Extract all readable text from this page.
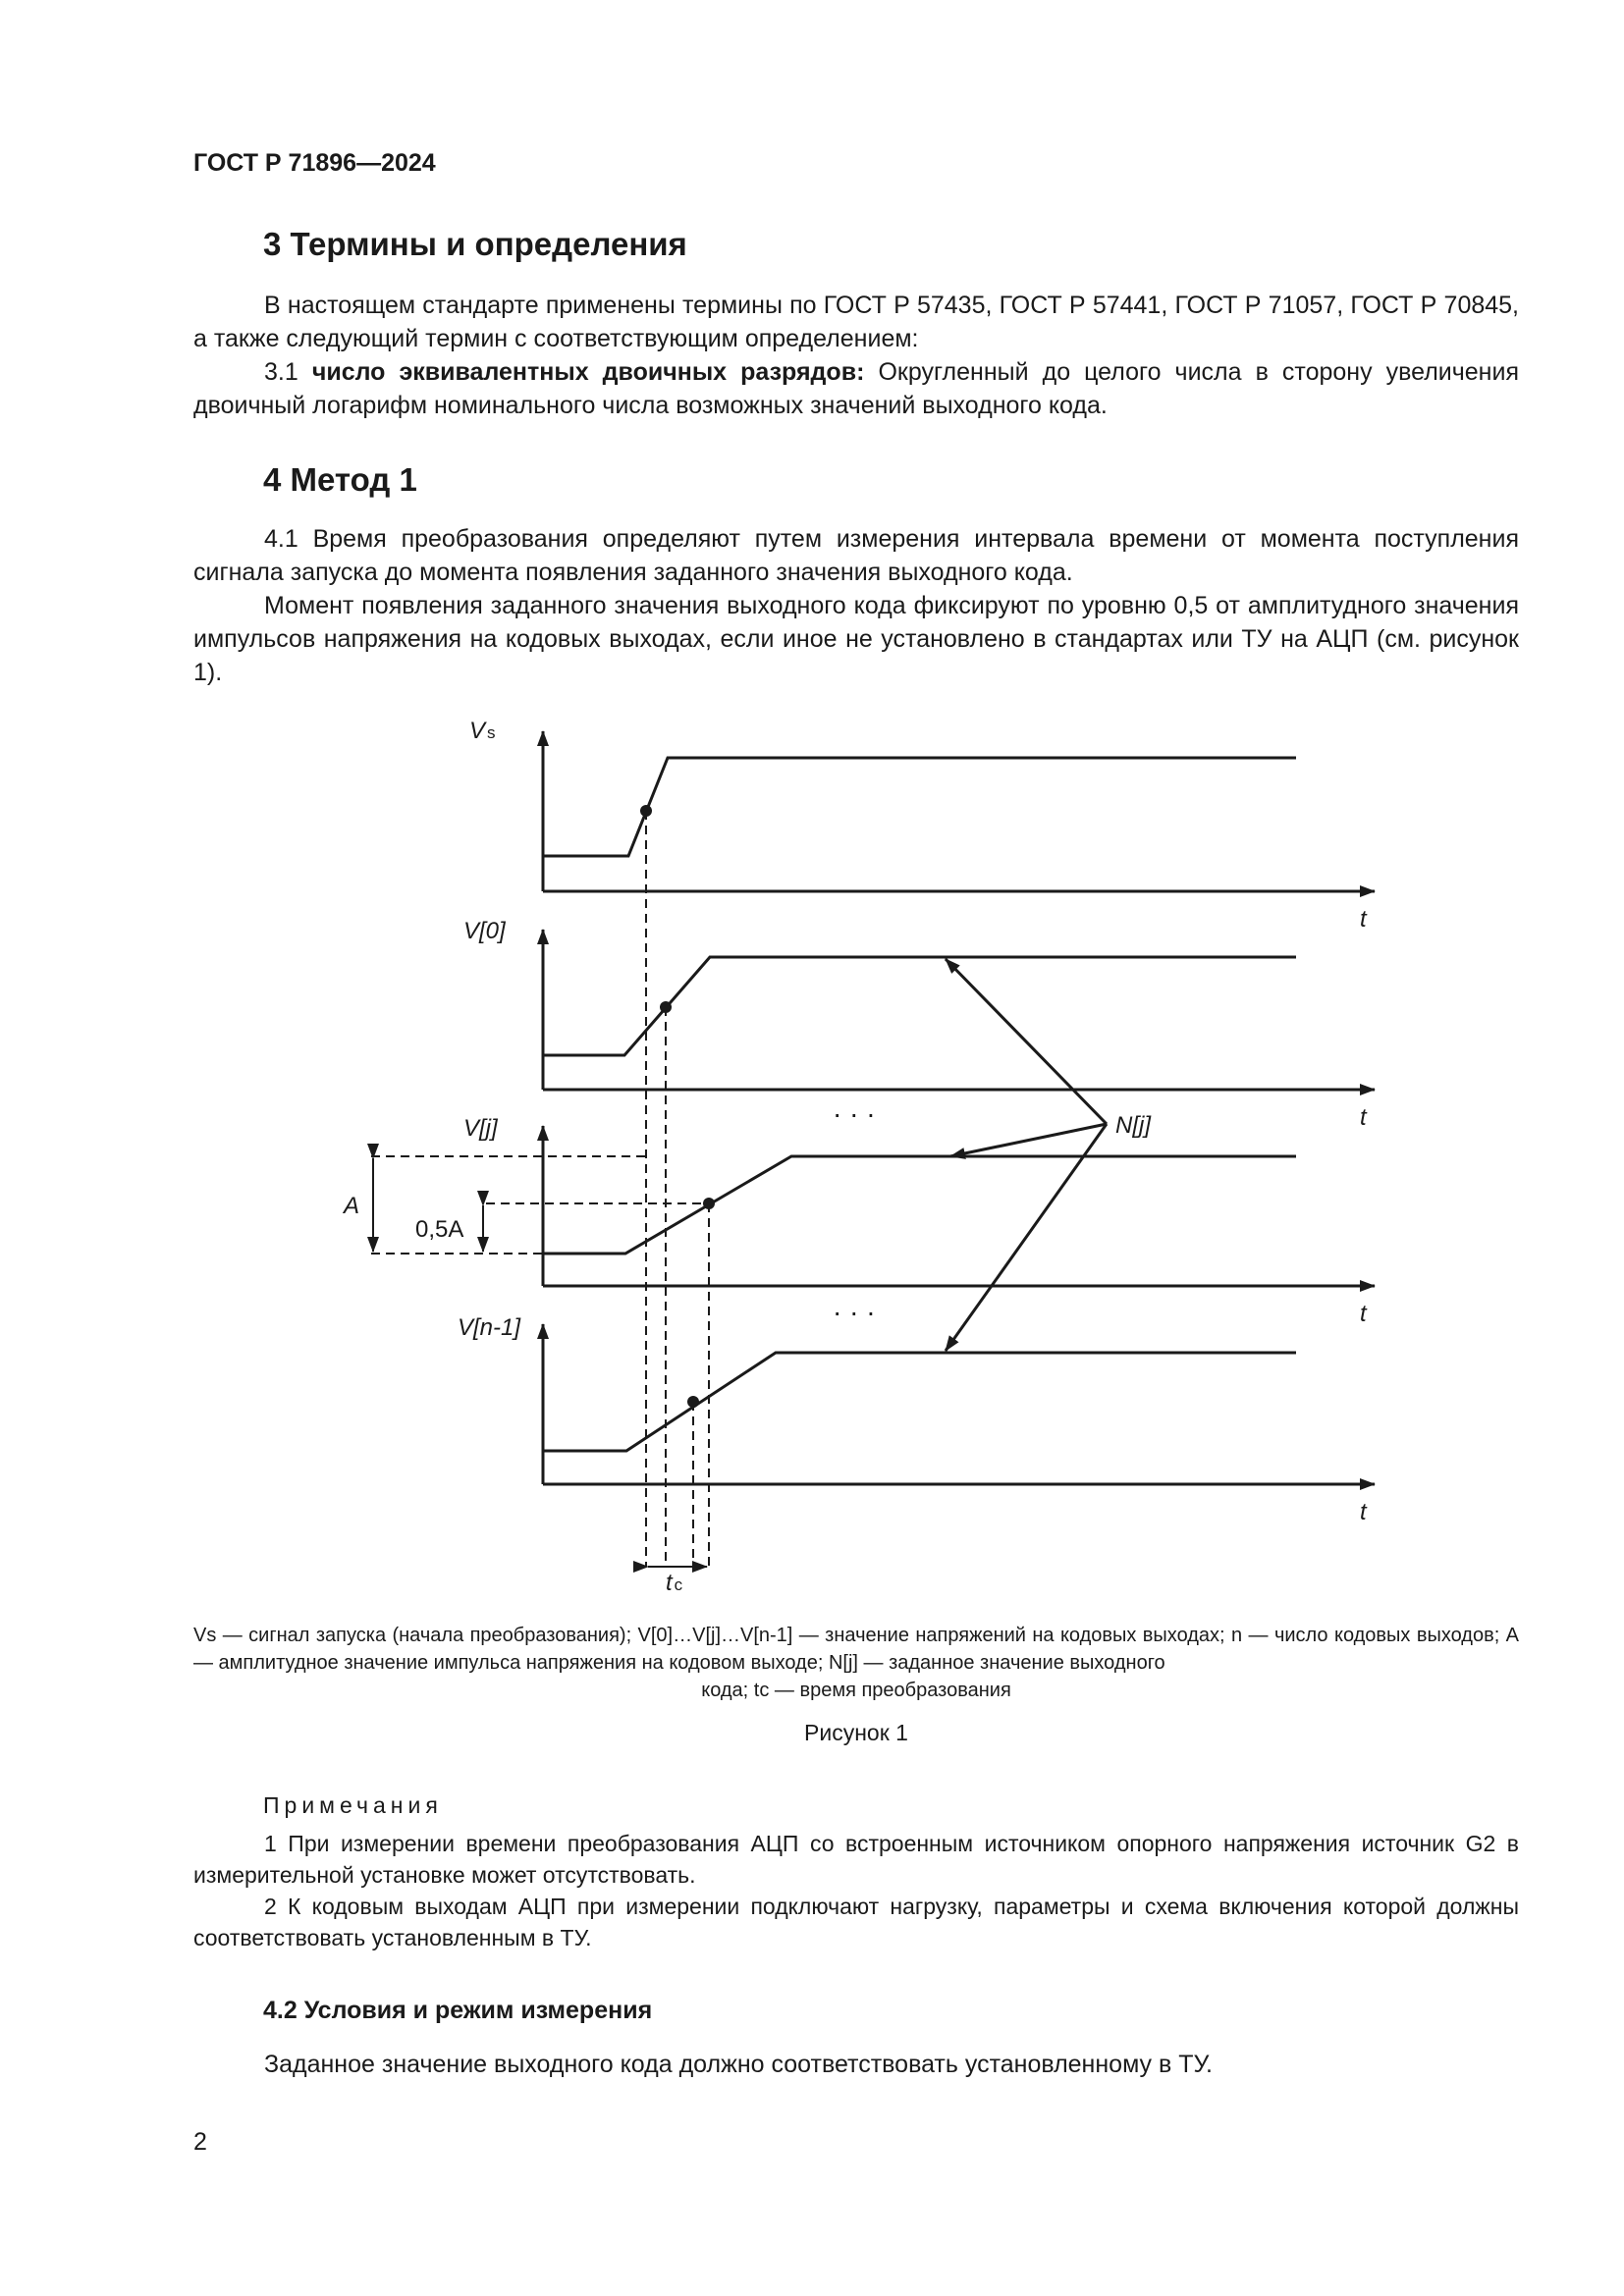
ГОСТ Р 71896—2024
3 Термины и определения

В настоящем стандарте применены термины по ГОСТ Р 57435, ГОСТ Р 57441, ГОСТ Р 71057, ГОСТ Р 70845, а также следующий термин с соответствующим определением:

3.1 число эквивалентных двоичных разрядов: Округленный до целого числа в сторону увеличения двоичный логарифм номинального числа возможных значений выходного кода.

4 Метод 1

4.1 Время преобразования определяют путем измерения интервала времени от момента поступления сигнала запуска до момента появления заданного значения выходного кода.

Момент появления заданного значения выходного кода фиксируют по уровню 0,5 от амплитудного значения импульсов напряжения на кодовых выходах, если иное не установлено в стандартах или ТУ на АЦП (см. рисунок 1).

V s
V[0]
V[j]
V[n-1]
t
t
t
t
N[j]
A
0,5A
t c
· · ·
· · ·
Vs — сигнал запуска (начала преобразования); V[0]…V[j]…V[n-1] — значение напряжений на кодовых выходах; n — число кодовых выходов; А — амплитудное значение импульса напряжения на кодовом выходе; N[j] — заданное значение выходного
кода; tc — время преобразования
Рисунок 1
Примечания

1 При измерении времени преобразования АЦП со встроенным источником опорного напряжения источник G2 в измерительной установке может отсутствовать.

2 К кодовым выходам АЦП при измерении подключают нагрузку, параметры и схема включения которой должны соответствовать установленным в ТУ.

4.2 Условия и режим измерения

Заданное значение выходного кода должно соответствовать установленному в ТУ.

2
